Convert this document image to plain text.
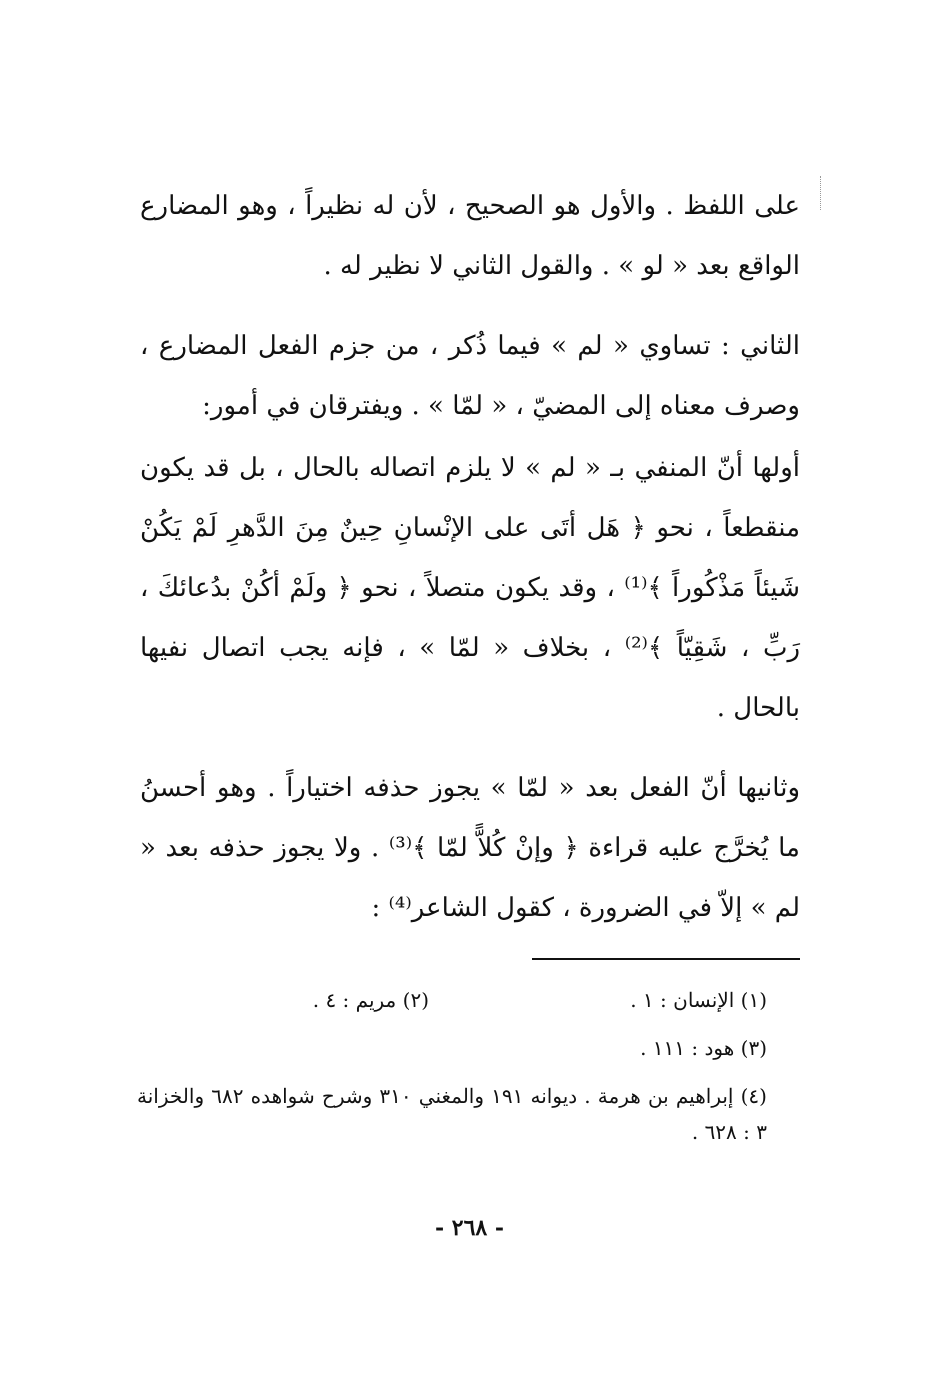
على اللفظ . والأول هو الصحيح ، لأن له نظيراً ، وهو المضارع الواقع بعد « لو » . والقول الثاني لا نظير له .
الثاني : تساوي « لم » فيما ذُكر ، من جزم الفعل المضارع ، وصرف معناه إلى المضيّ ، « لمّا » . ويفترقان في أمور:
أولها أنّ المنفي بـ « لم » لا يلزم اتصاله بالحال ، بل قد يكون منقطعاً ، نحو ﴿ هَل أتَى على الإنْسانِ حِينٌ مِنَ الدَّهرِ لَمْ يَكُنْ شَيئاً مَذْكُوراً ﴾⁽¹⁾ ، وقد يكون متصلاً ، نحو ﴿ ولَمْ أكُنْ بدُعائكَ ، رَبِّ ، شَقِيّاً ﴾⁽²⁾ ، بخلاف « لمّا » ، فإنه يجب اتصال نفيها بالحال .
وثانيها أنّ الفعل بعد « لمّا » يجوز حذفه اختياراً . وهو أحسنُ ما يُخرَّج عليه قراءة ﴿ وإنْ كُلاًّ لمّا ﴾⁽³⁾ . ولا يجوز حذفه بعد « لم » إلاّ في الضرورة ، كقول الشاعر⁽⁴⁾ :
(١) الإنسان : ١ .
(٢) مريم : ٤ .
(٣) هود : ١١١ .
(٤) إبراهيم بن هرمة . ديوانه ١٩١ والمغني ٣١٠ وشرح شواهده ٦٨٢ والخزانة ٣ : ٦٢٨ .
- ٢٦٨ -
